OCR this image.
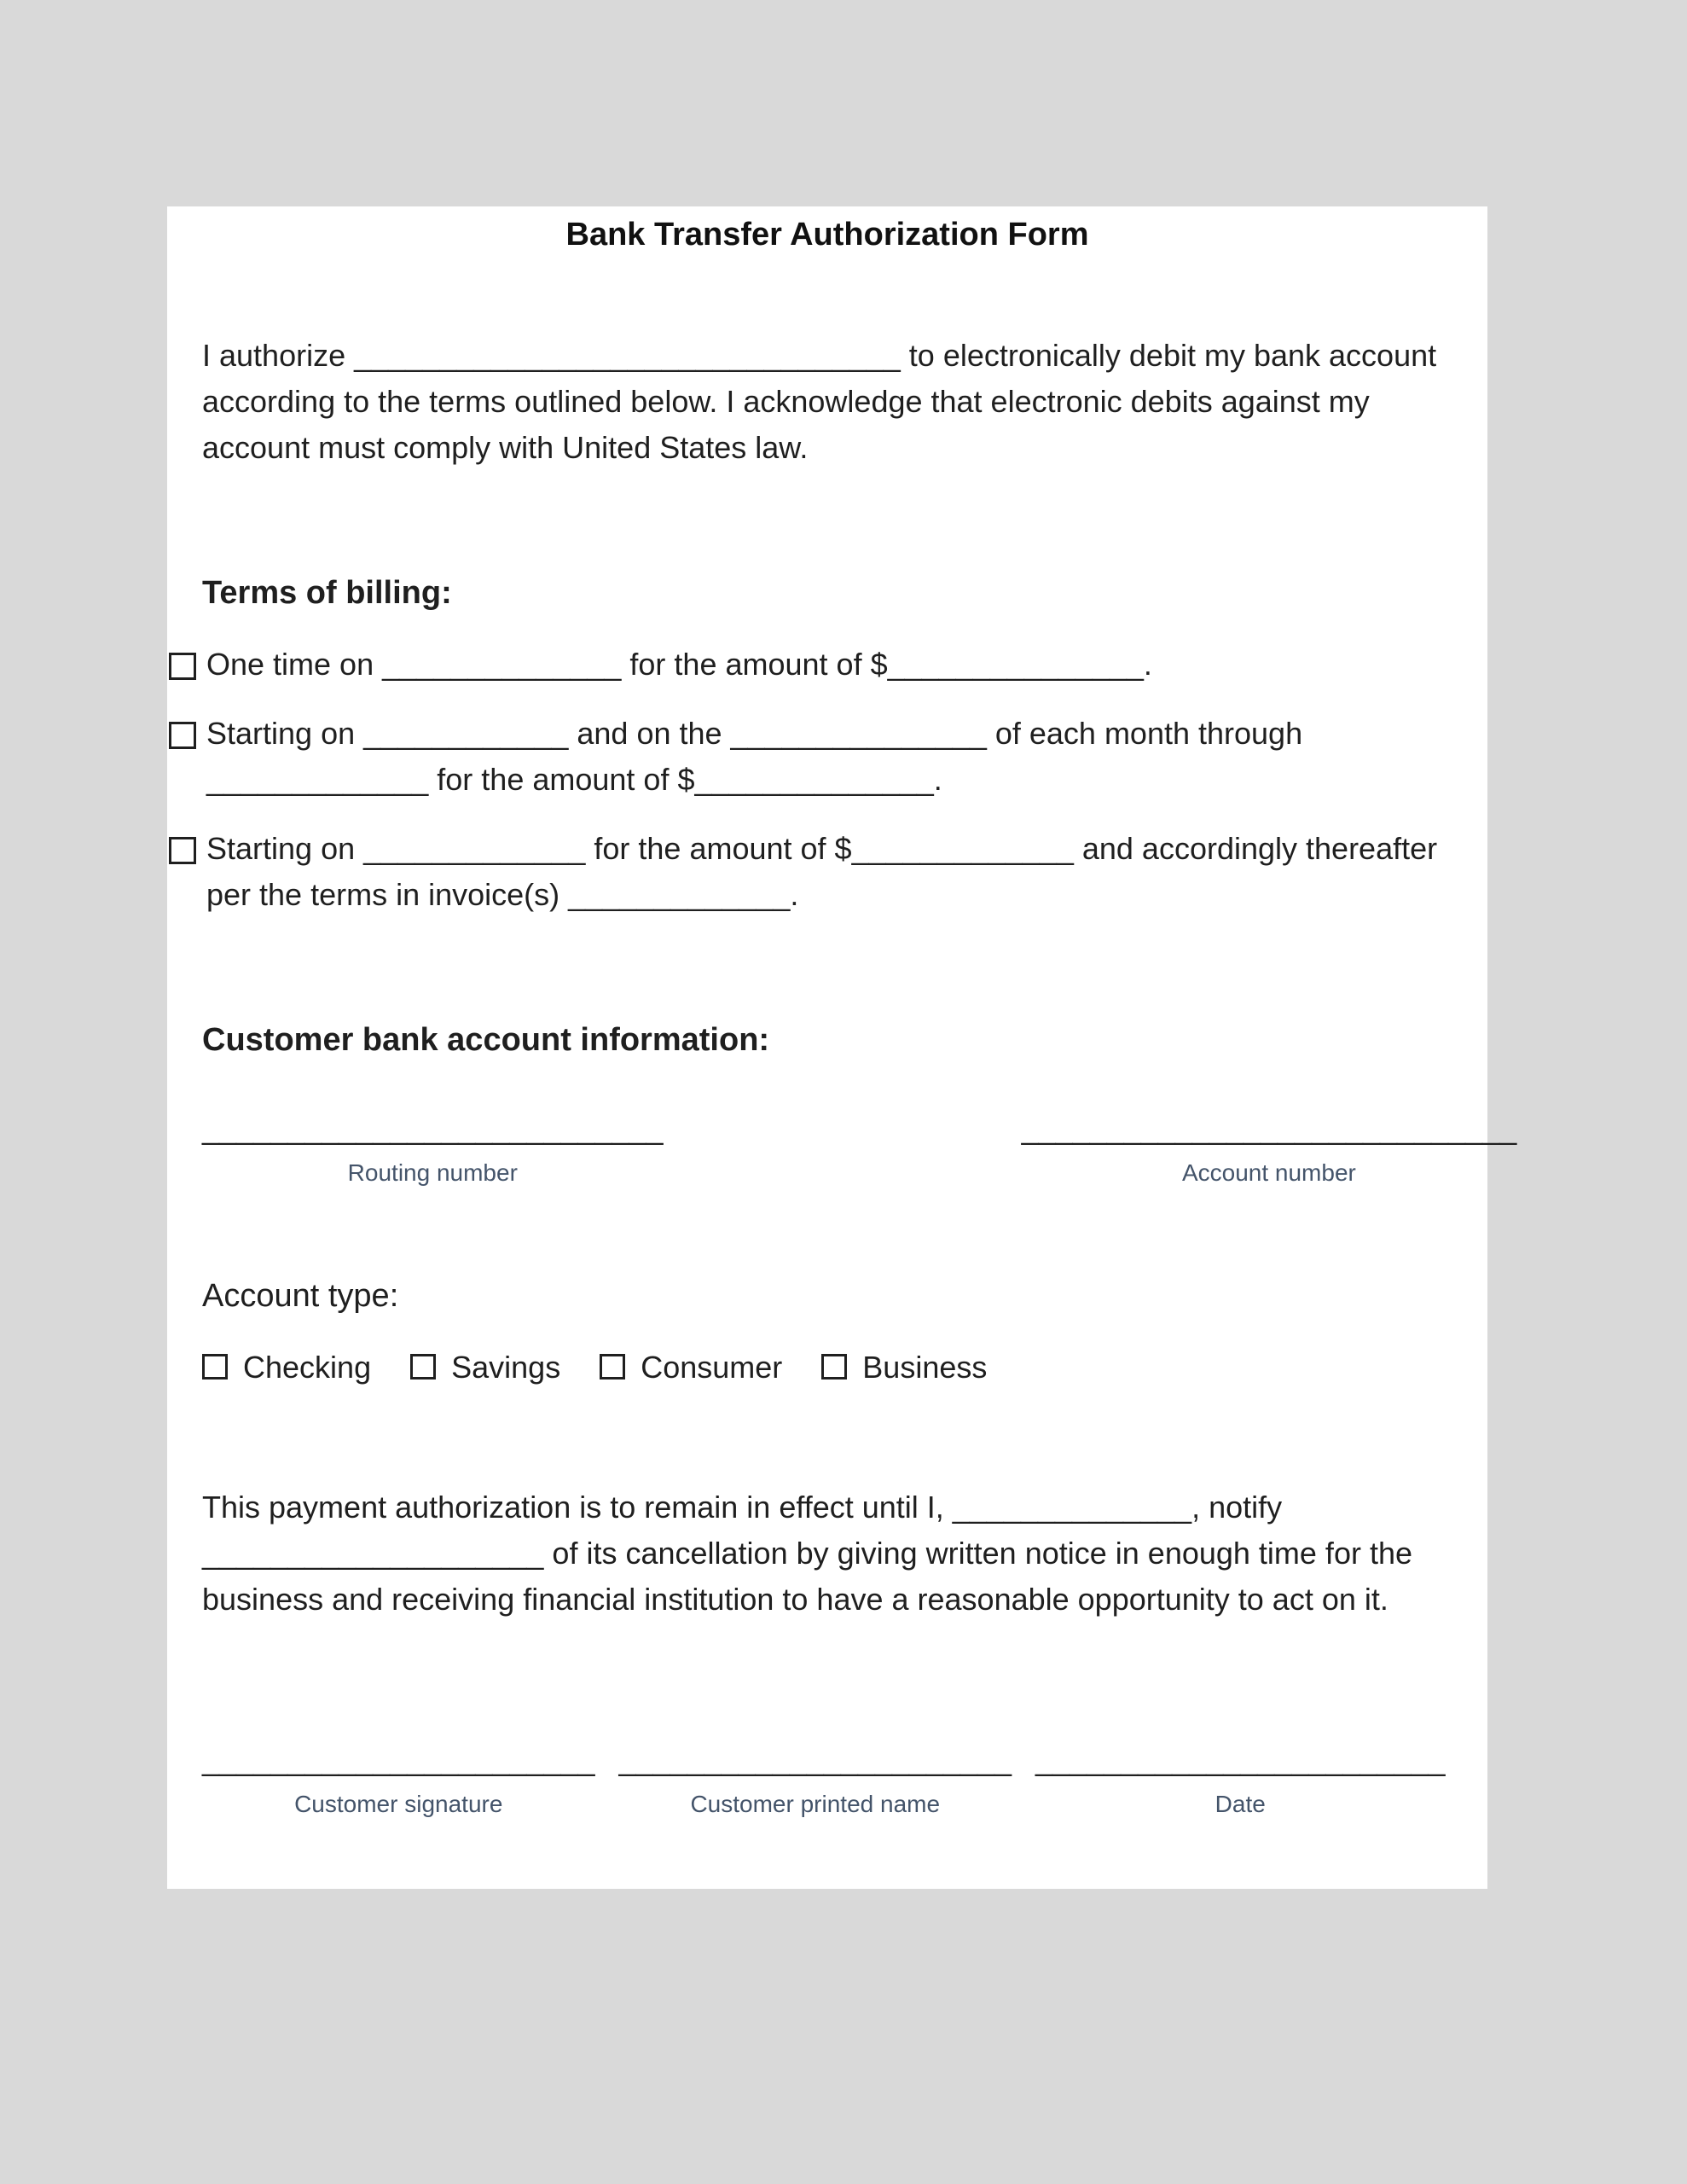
Bank Transfer Authorization Form

I authorize ________________________________ to electronically debit my bank account according to the terms outlined below. I acknowledge that electronic debits against my account must comply with United States law.

Terms of billing:
One time on ______________ for the amount of $_______________.
Starting on ____________ and on the _______________ of each month through _____________ for the amount of $______________.
Starting on _____________ for the amount of $_____________ and accordingly thereafter per the terms in invoice(s) _____________.
Customer bank account information:
___________________________
Routing number
_____________________________
Account number
Account type:
Checking	Savings	Consumer	Business

This payment authorization is to remain in effect until I, ______________, notify ____________________ of its cancellation by giving written notice in enough time for the business and receiving financial institution to have a reasonable opportunity to act on it.

_______________________
Customer signature
_______________________
Customer printed name
________________________
Date
